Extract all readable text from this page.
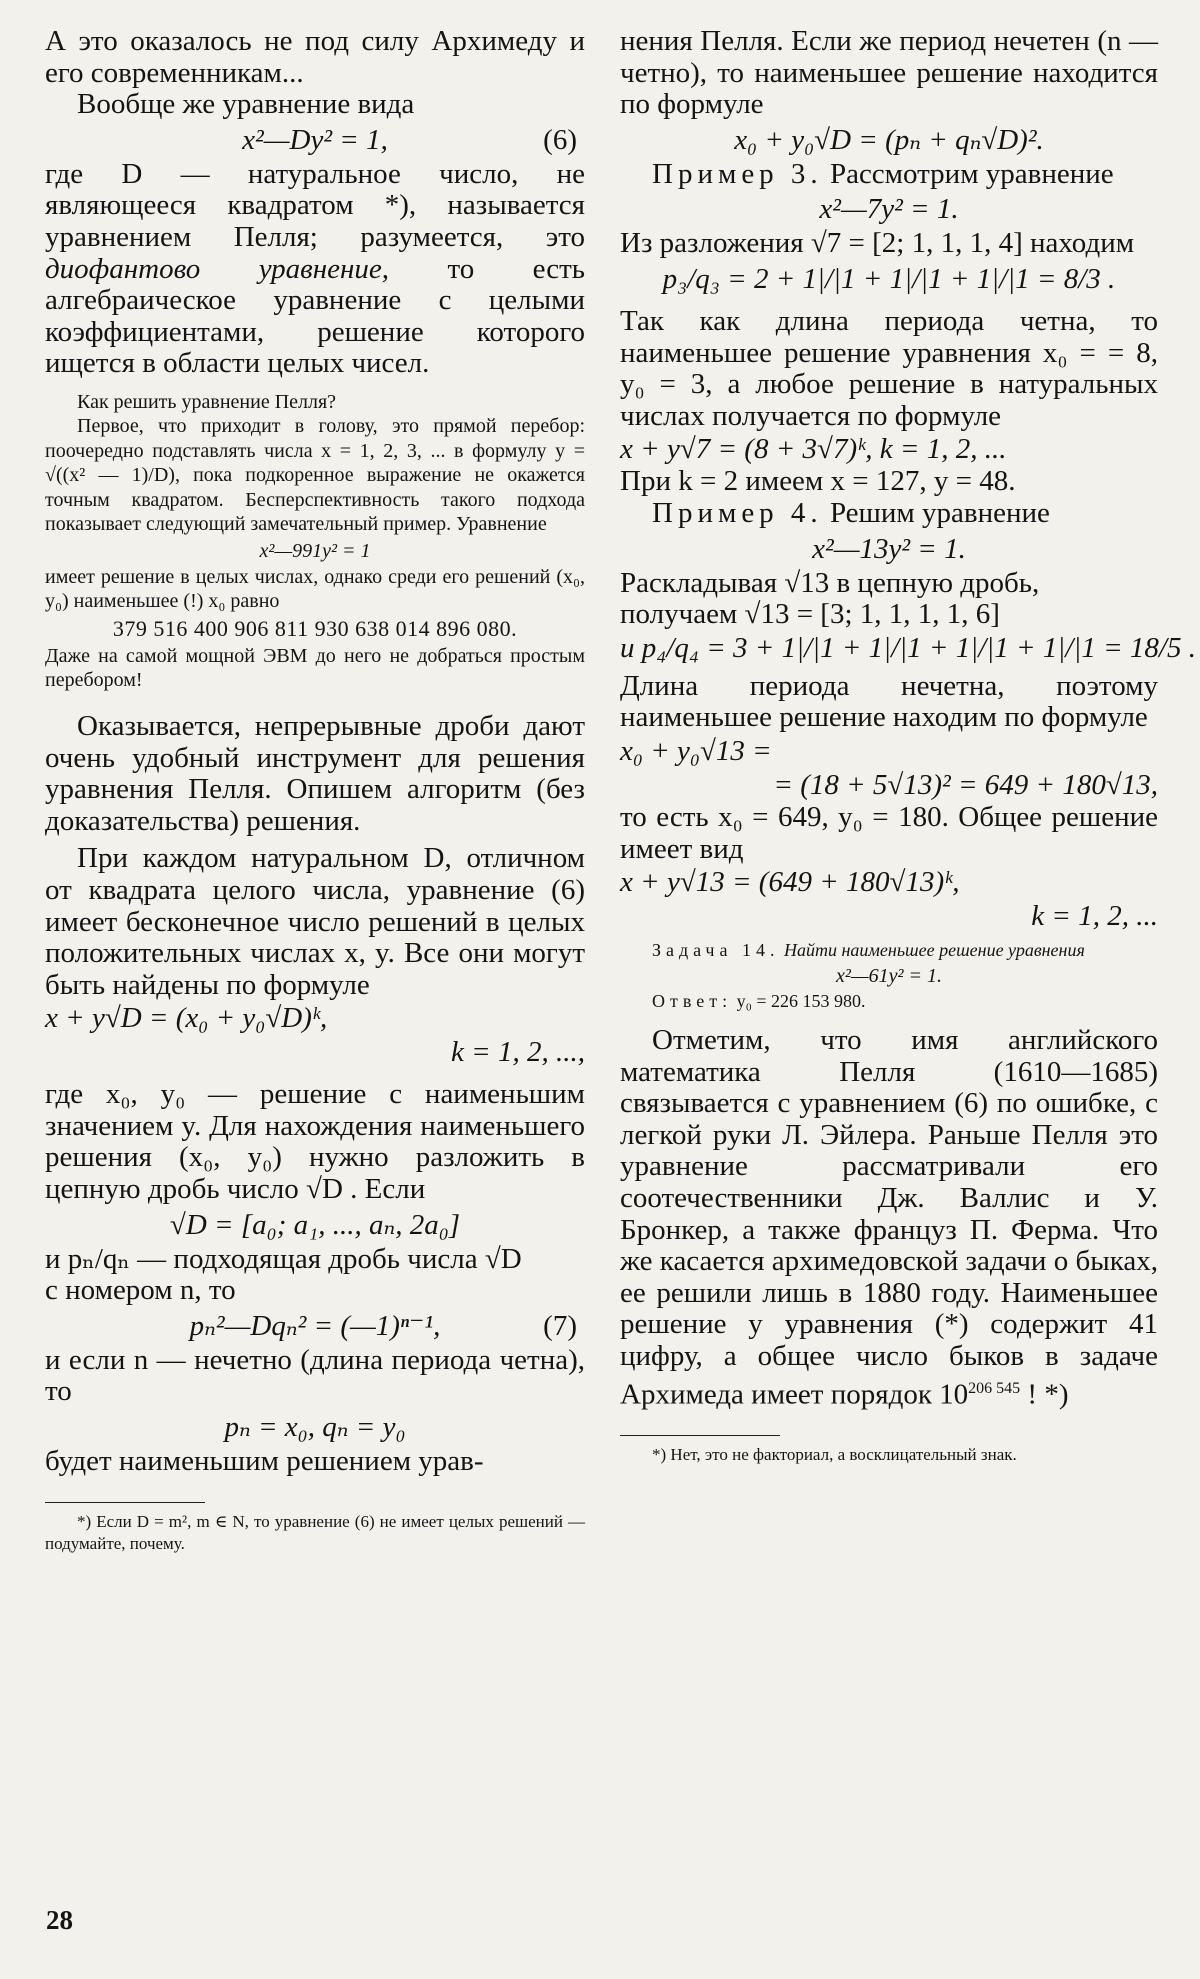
А это оказалось не под силу Архимеду и его современникам...

Вообще же уравнение вида

x²—Dy² = 1,	(6)

где D — натуральное число, не являющееся квадратом *), называется уравнением Пелля; разумеется, это диофантово уравнение, то есть алгебраическое уравнение с целыми коэффициентами, решение которого ищется в области целых чисел.

Как решить уравнение Пелля?

Первое, что приходит в голову, это прямой перебор: поочередно подставлять числа x = 1, 2, 3, ... в формулу y = √((x² — 1)/D), пока подкоренное выражение не окажется точным квадратом. Бесперспективность такого подхода показывает следующий замечательный пример. Уравнение

x²—991y² = 1

имеет решение в целых числах, однако среди его решений (x₀, y₀) наименьшее (!) x₀ равно

379 516 400 906 811 930 638 014 896 080.

Даже на самой мощной ЭВМ до него не добраться простым перебором!

Оказывается, непрерывные дроби дают очень удобный инструмент для решения уравнения Пелля. Опишем алгоритм (без доказательства) решения.

При каждом натуральном D, отличном от квадрата целого числа, уравнение (6) имеет бесконечное число решений в целых положительных числах x, y. Все они могут быть найдены по формуле

x + y√D = (x₀ + y₀√D)ᵏ,
k = 1, 2, ...,

где x₀, y₀ — решение с наименьшим значением y. Для нахождения наименьшего решения (x₀, y₀) нужно разложить в цепную дробь число √D . Если

√D = [a₀; a₁, ..., aₙ, 2a₀]

и pₙ/qₙ — подходящая дробь числа √D

с номером n, то

pₙ²—Dqₙ² = (—1)ⁿ⁻¹,	(7)

и если n — нечетно (длина периода четна), то

pₙ = x₀, qₙ = y₀

будет наименьшим решением урав-

*) Если D = m², m ∈ N, то уравнение (6) не имеет целых решений — подумайте, почему.

нения Пелля. Если же период нечетен (n — четно), то наименьшее решение находится по формуле

x₀ + y₀√D = (pₙ + qₙ√D)².

Пример 3. Рассмотрим уравнение

x²—7y² = 1.

Из разложения √7 = [2; 1, 1, 1, 4] находим

p₃/q₃ = 2 + 1|/|1 + 1|/|1 + 1|/|1 = 8/3 .

Так как длина периода четна, то наименьшее решение уравнения x₀ = = 8, y₀ = 3, а любое решение в натуральных числах получается по формуле

x + y√7 = (8 + 3√7)ᵏ, k = 1, 2, ...

При k = 2 имеем x = 127, y = 48.

Пример 4. Решим уравнение

x²—13y² = 1.

Раскладывая √13 в цепную дробь,

получаем √13 = [3; 1, 1, 1, 1, 6]

и p₄/q₄ = 3 + 1|/|1 + 1|/|1 + 1|/|1 + 1|/|1 = 18/5 .

Длина периода нечетна, поэтому наименьшее решение находим по формуле

x₀ + y₀√13 =
= (18 + 5√13)² = 649 + 180√13,

то есть x₀ = 649, y₀ = 180. Общее решение имеет вид

x + y√13 = (649 + 180√13)ᵏ,
k = 1, 2, ...

Задача 14. Найти наименьшее решение уравнения

x²—61y² = 1.

Ответ: y₀ = 226 153 980.

Отметим, что имя английского математика Пелля (1610—1685) связывается с уравнением (6) по ошибке, с легкой руки Л. Эйлера. Раньше Пелля это уравнение рассматривали его соотечественники Дж. Валлис и У. Бронкер, а также француз П. Ферма. Что же касается архимедовской задачи о быках, ее решили лишь в 1880 году. Наименьшее решение y уравнения (*) содержит 41 цифру, а общее число быков в задаче Архимеда имеет порядок $10^{206 545}$ ! *)

*) Нет, это не факториал, а восклицательный знак.

28
